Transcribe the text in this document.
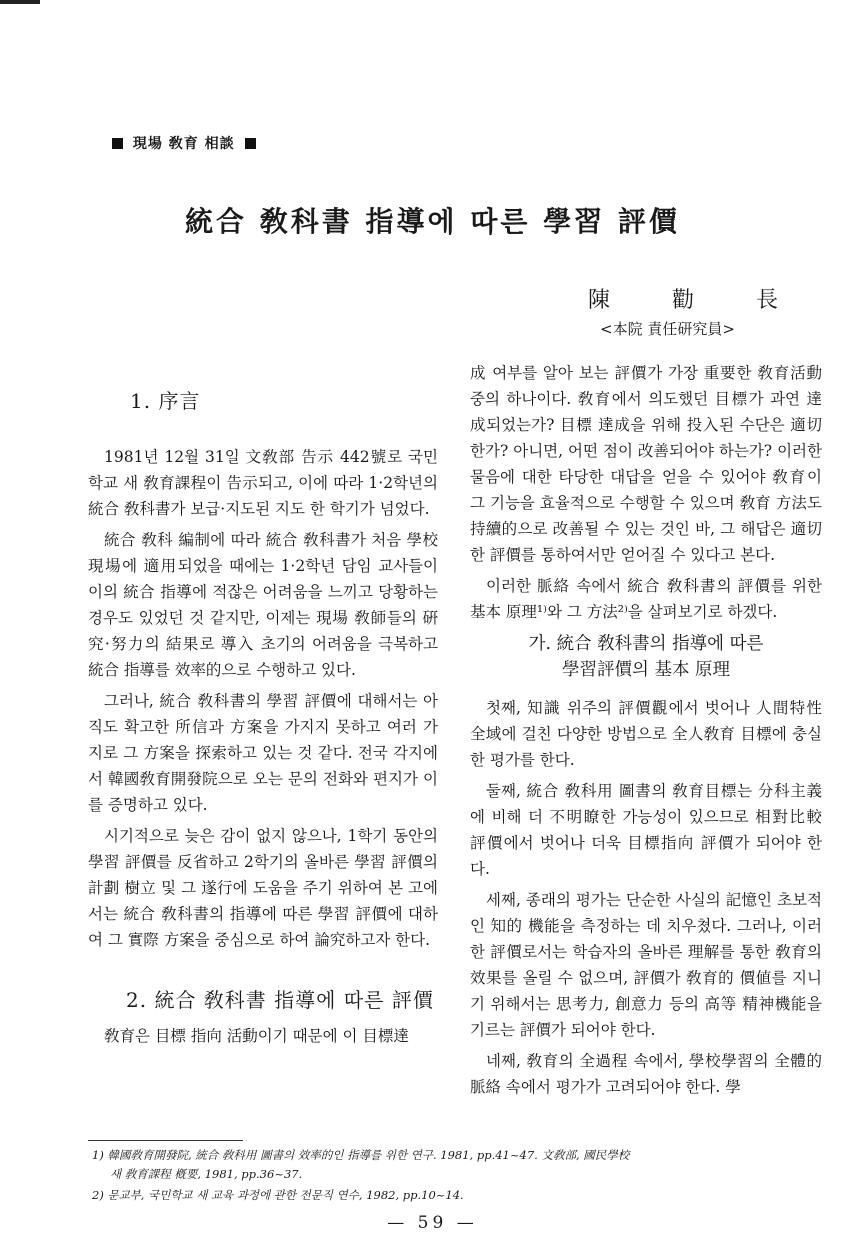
現場 敎育 相談
統合 敎科書 指導에 따른 學習 評價
陳	勸	長
<本院 責任研究員>
1. 序言

1981년 12월 31일 文敎部 告示 442號로 국민학교 새 敎育課程이 告示되고, 이에 따라 1·2학년의 統合 敎科書가 보급·지도된 지도 한 학기가 넘었다.

統合 敎科 編制에 따라 統合 敎科書가 처음 學校 現場에 適用되었을 때에는 1·2학년 담임 교사들이 이의 統合 指導에 적잖은 어려움을 느끼고 당황하는 경우도 있었던 것 같지만, 이제는 現場 敎師들의 硏究·努力의 結果로 導入 초기의 어려움을 극복하고 統合 指導를 效率的으로 수행하고 있다.

그러나, 統合 敎科書의 學習 評價에 대해서는 아직도 확고한 所信과 方案을 가지지 못하고 여러 가지로 그 方案을 探索하고 있는 것 같다. 전국 각지에서 韓國敎育開發院으로 오는 문의 전화와 편지가 이를 증명하고 있다.

시기적으로 늦은 감이 없지 않으나, 1학기 동안의 學習 評價를 反省하고 2학기의 올바른 學習 評價의 計劃 樹立 및 그 遂行에 도움을 주기 위하여 본 고에서는 統合 敎科書의 指導에 따른 學習 評價에 대하여 그 實際 方案을 중심으로 하여 論究하고자 한다.

2. 統合 敎科書 指導에 따른 評價

敎育은 目標 指向 活動이기 때문에 이 目標達

成 여부를 알아 보는 評價가 가장 重要한 敎育活動 중의 하나이다. 敎育에서 의도했던 目標가 과연 達成되었는가? 目標 達成을 위해 投入된 수단은 適切한가? 아니면, 어떤 점이 改善되어야 하는가? 이러한 물음에 대한 타당한 대답을 얻을 수 있어야 敎育이 그 기능을 효율적으로 수행할 수 있으며 敎育 方法도 持續的으로 改善될 수 있는 것인 바, 그 해답은 適切한 評價를 통하여서만 얻어질 수 있다고 본다.

이러한 脈絡 속에서 統合 敎科書의 評價를 위한 基本 原理¹⁾와 그 方法²⁾을 살펴보기로 하겠다.

가. 統合 敎科書의 指導에 따른
學習評價의 基本 原理

첫째, 知識 위주의 評價觀에서 벗어나 人間特性 全域에 걸친 다양한 방법으로 全人敎育 目標에 충실한 평가를 한다.

둘째, 統合 敎科用 圖書의 敎育目標는 分科主義에 비해 더 不明瞭한 가능성이 있으므로 相對比較 評價에서 벗어나 더욱 目標指向 評價가 되어야 한다.

세째, 종래의 평가는 단순한 사실의 記憶인 초보적인 知的 機能을 측정하는 데 치우쳤다. 그러나, 이러한 評價로서는 학습자의 올바른 理解를 통한 敎育의 效果를 올릴 수 없으며, 評價가 敎育的 價値를 지니기 위해서는 思考力, 創意力 등의 高等 精神機能을 기르는 評價가 되어야 한다.

네째, 敎育의 全過程 속에서, 學校學習의 全體的 脈絡 속에서 평가가 고려되어야 한다. 學

1) 韓國敎育開發院, 統合 敎科用 圖書의 效率的인 指導를 위한 연구. 1981, pp.41~47. 文敎部, 國民學校

새 敎育課程 槪要, 1981, pp.36~37.

2) 문교부, 국민학교 새 교육 과정에 관한 전문직 연수, 1982, pp.10~14.

— 59 —
